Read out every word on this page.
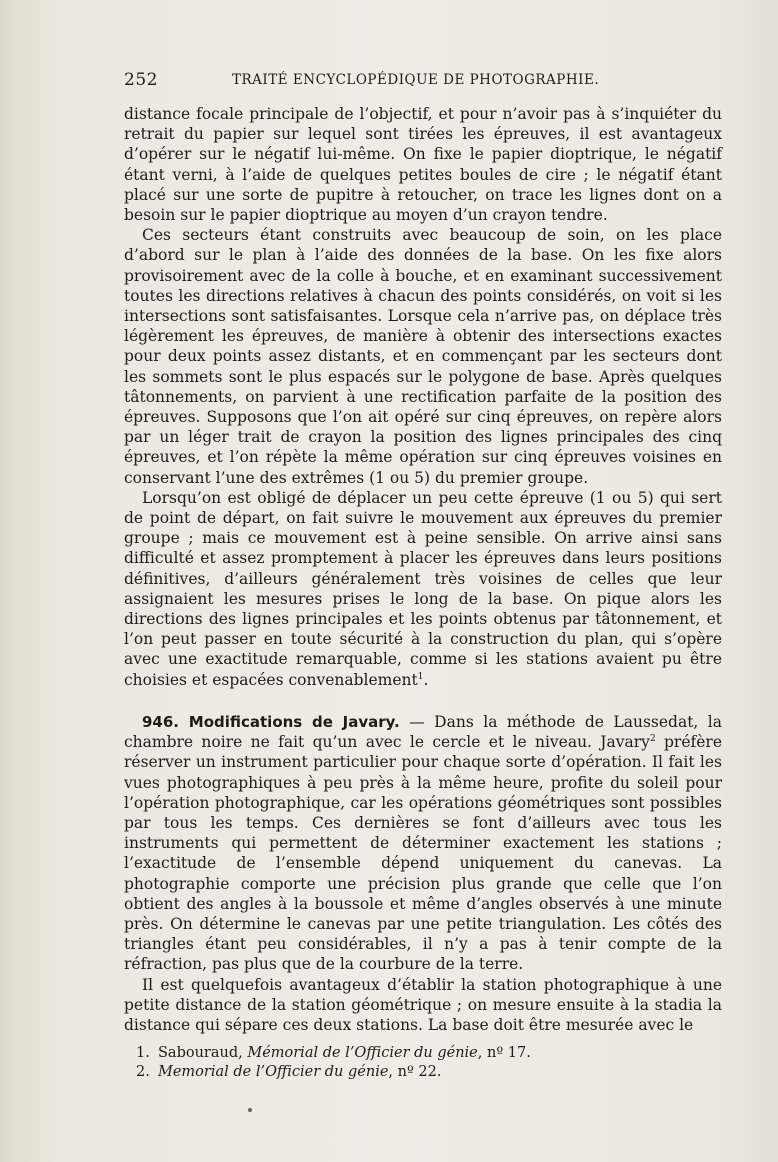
252	TRAITÉ ENCYCLOPÉDIQUE DE PHOTOGRAPHIE.

distance focale principale de l’objectif, et pour n’avoir pas à s’inquiéter du retrait du papier sur lequel sont tirées les épreuves, il est avantageux d’opérer sur le négatif lui-même. On fixe le papier dioptrique, le négatif étant verni, à l’aide de quelques petites boules de cire ; le négatif étant placé sur une sorte de pupitre à retoucher, on trace les lignes dont on a besoin sur le papier dioptrique au moyen d’un crayon tendre.

Ces secteurs étant construits avec beaucoup de soin, on les place d’abord sur le plan à l’aide des données de la base. On les fixe alors provisoirement avec de la colle à bouche, et en examinant successivement toutes les directions relatives à chacun des points considérés, on voit si les intersections sont satisfaisantes. Lorsque cela n’arrive pas, on déplace très légèrement les épreuves, de manière à obtenir des intersections exactes pour deux points assez distants, et en commençant par les secteurs dont les sommets sont le plus espacés sur le polygone de base. Après quelques tâtonnements, on parvient à une rectification parfaite de la position des épreuves. Supposons que l’on ait opéré sur cinq épreuves, on repère alors par un léger trait de crayon la position des lignes principales des cinq épreuves, et l’on répète la même opération sur cinq épreuves voisines en conservant l’une des extrêmes (1 ou 5) du premier groupe.

Lorsqu’on est obligé de déplacer un peu cette épreuve (1 ou 5) qui sert de point de départ, on fait suivre le mouvement aux épreuves du premier groupe ; mais ce mouvement est à peine sensible. On arrive ainsi sans difficulté et assez promptement à placer les épreuves dans leurs positions définitives, d’ailleurs généralement très voisines de celles que leur assignaient les mesures prises le long de la base. On pique alors les directions des lignes principales et les points obtenus par tâtonnement, et l’on peut passer en toute sécurité à la construction du plan, qui s’opère avec une exactitude remarquable, comme si les stations avaient pu être choisies et espacées convenablement$^1$.

946. Modifications de Javary. — Dans la méthode de Laussedat, la chambre noire ne fait qu’un avec le cercle et le niveau. Javary$^2$ préfère réserver un instrument particulier pour chaque sorte d’opération. Il fait les vues photographiques à peu près à la même heure, profite du soleil pour l’opération photographique, car les opérations géométriques sont possibles par tous les temps. Ces dernières se font d’ailleurs avec tous les instruments qui permettent de déterminer exactement les stations ; l’exactitude de l’ensemble dépend uniquement du canevas. La photographie comporte une précision plus grande que celle que l’on obtient des angles à la boussole et même d’angles observés à une minute près. On détermine le canevas par une petite triangulation. Les côtés des triangles étant peu considérables, il n’y a pas à tenir compte de la réfraction, pas plus que de la courbure de la terre.

Il est quelquefois avantageux d’établir la station photographique à une petite distance de la station géométrique ; on mesure ensuite à la stadia la distance qui sépare ces deux stations. La base doit être mesurée avec le

1. Sabouraud, Mémorial de l’Officier du génie, nº 17.
2. Memorial de l’Officier du génie, nº 22.
